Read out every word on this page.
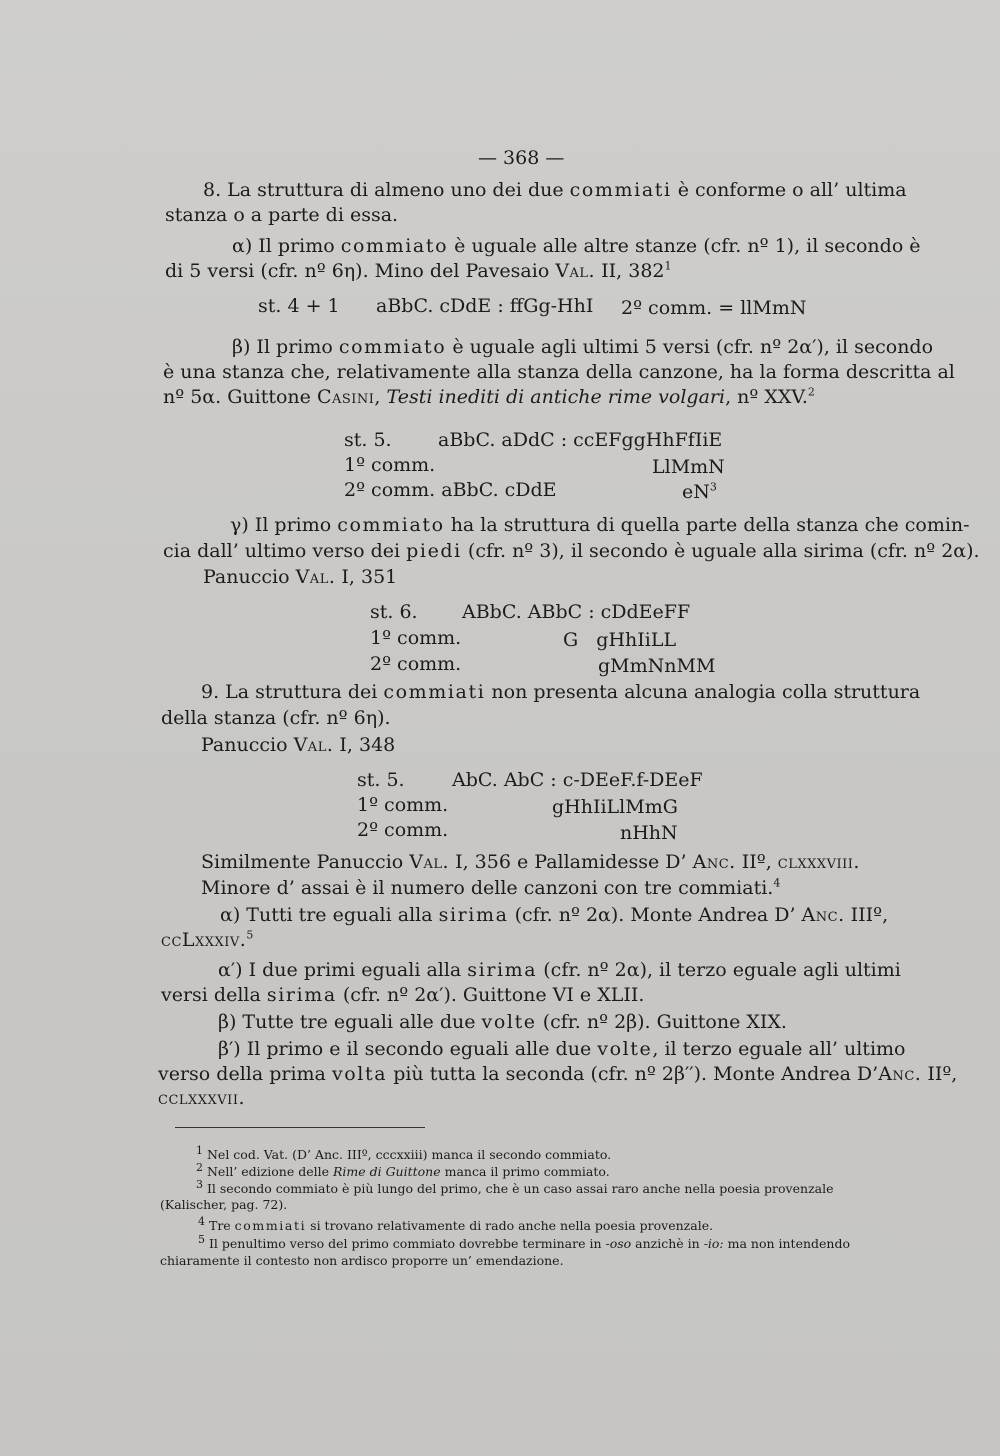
— 368 —
8. La struttura di almeno uno dei due commiati è conforme o all’ ultima
stanza o a parte di essa.
α) Il primo commiato è uguale alle altre stanze (cfr. nº 1), il secondo è
di 5 versi (cfr. nº 6η). Mino del Pavesaio Val. II, $382^1$
st. 4 + 1 aBbC. cDdE : ffGg-HhI 2º comm. = llMmN
β) Il primo commiato è uguale agli ultimi 5 versi (cfr. nº 2α′), il secondo
è una stanza che, relativamente alla stanza della canzone, ha la forma descritta al
nº 5α. Guittone Casini, Testi inediti di antiche rime volgari, nº XXV.$^2$
st. 5. aBbC. aDdC : ccEFggHhFfIiE
1º comm.	LlMmN
2º comm. aBbC. cDdE	$eN^3$
γ) Il primo commiato ha la struttura di quella parte della stanza che comin-
cia dall’ ultimo verso dei piedi (cfr. nº 3), il secondo è uguale alla sirima (cfr. nº 2α).
Panuccio Val. I, 351
st. 6. ABbC. ABbC : cDdEeFF
1º comm.	G   gHhIiLL
2º comm.	gMmNnMM
9. La struttura dei commiati non presenta alcuna analogia colla struttura
della stanza (cfr. nº 6η).
Panuccio Val. I, 348
st. 5. AbC. AbC : c-DEeF.f-DEeF
1º comm.	gHhIiLlMmG
2º comm.	nHhN
Similmente Panuccio Val. I, 356 e Pallamidesse D’ Anc. IIº, clxxxviii.
Minore d’ assai è il numero delle canzoni con tre commiati.$^4$
α) Tutti tre eguali alla sirima (cfr. nº 2α). Monte Andrea D’ Anc. IIIº,
ccLxxxiv.$^5$
α′) I due primi eguali alla sirima (cfr. nº 2α), il terzo eguale agli ultimi
versi della sirima (cfr. nº 2α′). Guittone VI e XLII.
β) Tutte tre eguali alle due volte (cfr. nº 2β). Guittone XIX.
β′) Il primo e il secondo eguali alle due volte, il terzo eguale all’ ultimo
verso della prima volta più tutta la seconda (cfr. nº 2β′′). Monte Andrea D’Anc. IIº,
cclxxxvii.
1 Nel cod. Vat. (D’ Anc. IIIº, cccxxiii) manca il secondo commiato.
2 Nell’ edizione delle Rime di Guittone manca il primo commiato.
3 Il secondo commiato è più lungo del primo, che è un caso assai raro anche nella poesia provenzale
(Kalischer, pag. 72).
4 Tre commiati si trovano relativamente di rado anche nella poesia provenzale.
5 Il penultimo verso del primo commiato dovrebbe terminare in -oso anzichè in -io: ma non intendendo
chiaramente il contesto non ardisco proporre un’ emendazione.
